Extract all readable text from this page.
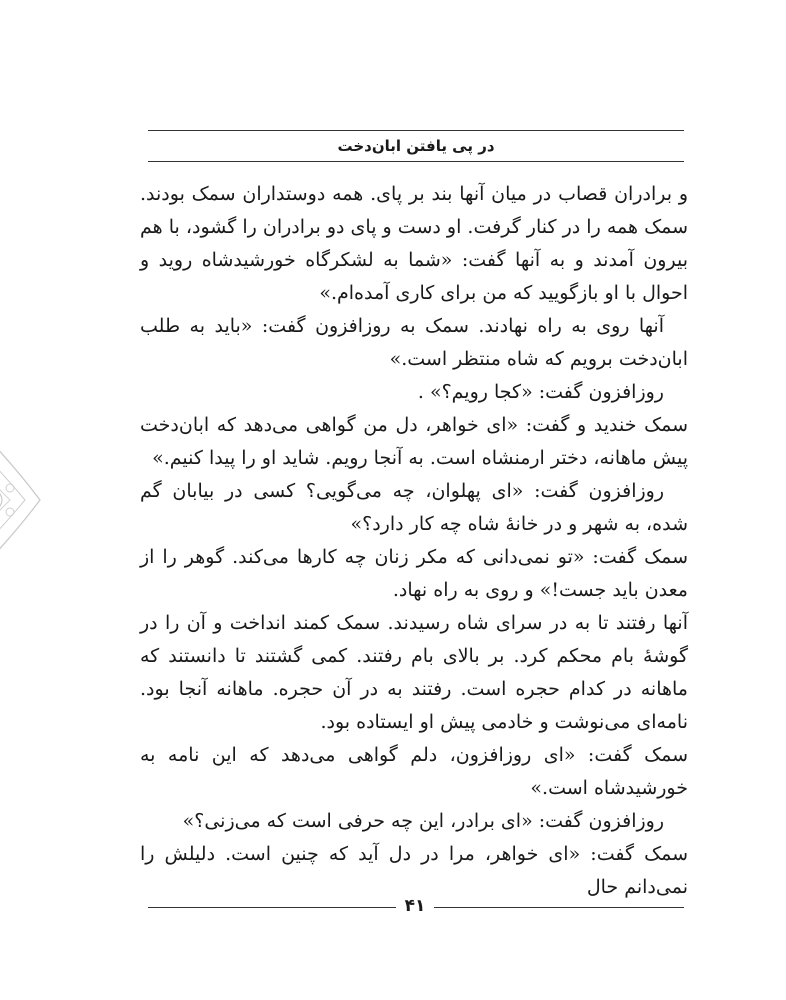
در پی یافتن ابان‌دخت

و برادران قصاب در میان آنها بند بر پای. همه دوستداران سمک بودند. سمک همه را در کنار گرفت. او دست و پای دو برادران را گشود، با هم بیرون آمدند و به آنها گفت: «شما به لشکرگاه خورشیدشاه روید و احوال با او بازگویید که من برای کاری آمده‌ام.»

آنها روی به راه نهادند. سمک به روزافزون گفت: «باید به طلب ابان‌دخت برویم که شاه منتظر است.»

روزافزون گفت: «کجا رویم؟» .

سمک خندید و گفت: «ای خواهر، دل من گواهی می‌دهد که ابان‌دخت پیش ماهانه، دختر ارمنشاه است. به آنجا رویم. شاید او را پیدا کنیم.»

روزافزون گفت: «ای پهلوان، چه می‌گویی؟ کسی در بیابان گم شده، به شهر و در خانۀ شاه چه کار دارد؟»

سمک گفت: «تو نمی‌دانی که مکر زنان چه کارها می‌کند. گوهر را از معدن باید جست!» و روی به راه نهاد.

آنها رفتند تا به در سرای شاه رسیدند. سمک کمند انداخت و آن را در گوشۀ بام محکم کرد. بر بالای بام رفتند. کمی گشتند تا دانستند که ماهانه در کدام حجره است. رفتند به در آن حجره. ماهانه آنجا بود. نامه‌ای می‌نوشت و خادمی پیش او ایستاده بود.

سمک گفت: «ای روزافزون، دلم گواهی می‌دهد که این نامه به خورشیدشاه است.»

روزافزون گفت: «ای برادر، این چه حرفی است که می‌زنی؟»

سمک گفت: «ای خواهر، مرا در دل آید که چنین است. دلیلش را نمی‌دانم حال

۴۱
